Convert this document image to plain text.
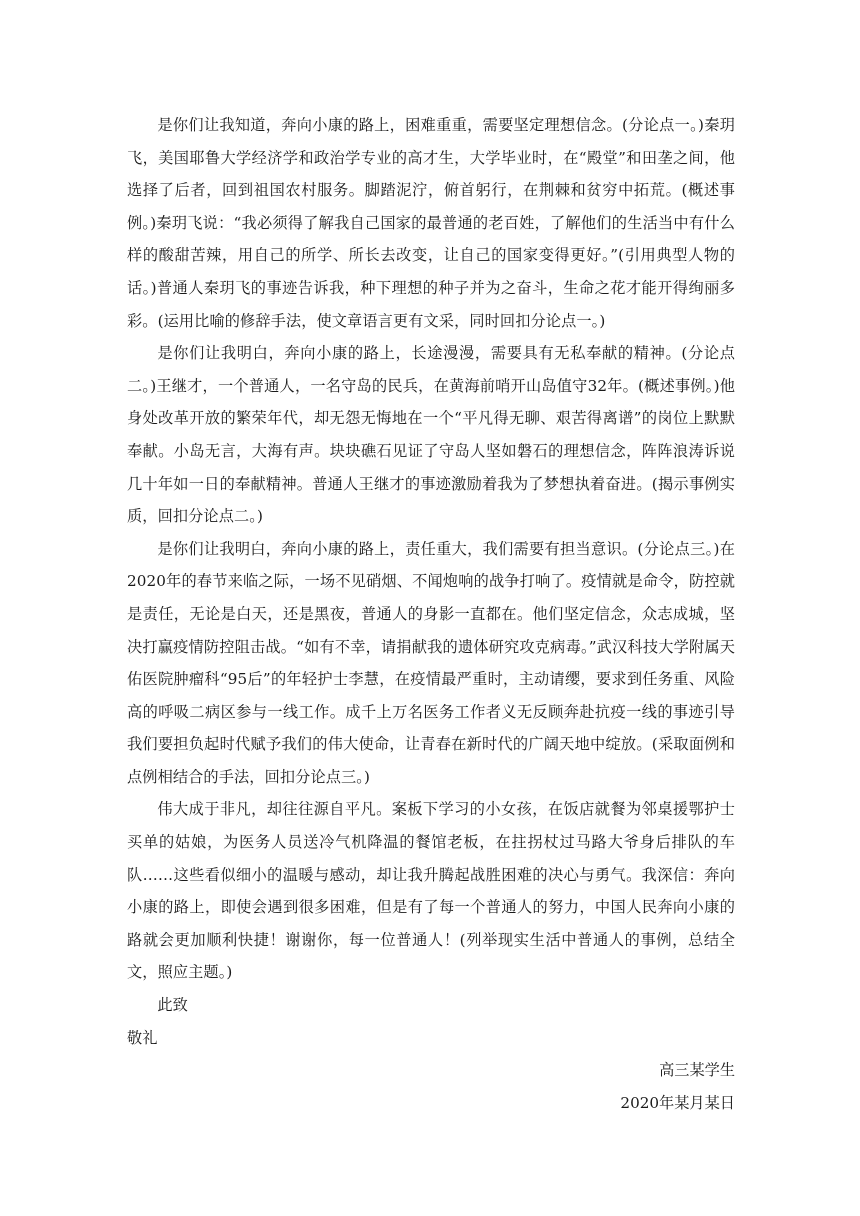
是你们让我知道，奔向小康的路上，困难重重，需要坚定理想信念。(分论点一。)秦玥飞，美国耶鲁大学经济学和政治学专业的高才生，大学毕业时，在“殿堂”和田垄之间，他选择了后者，回到祖国农村服务。脚踏泥泞，俯首躬行，在荆棘和贫穷中拓荒。(概述事例。)秦玥飞说：“我必须得了解我自己国家的最普通的老百姓，了解他们的生活当中有什么样的酸甜苦辣，用自己的所学、所长去改变，让自己的国家变得更好。”(引用典型人物的话。)普通人秦玥飞的事迹告诉我，种下理想的种子并为之奋斗，生命之花才能开得绚丽多彩。(运用比喻的修辞手法，使文章语言更有文采，同时回扣分论点一。)

是你们让我明白，奔向小康的路上，长途漫漫，需要具有无私奉献的精神。(分论点二。)王继才，一个普通人，一名守岛的民兵，在黄海前哨开山岛值守32年。(概述事例。)他身处改革开放的繁荣年代，却无怨无悔地在一个“平凡得无聊、艰苦得离谱”的岗位上默默奉献。小岛无言，大海有声。块块礁石见证了守岛人坚如磐石的理想信念，阵阵浪涛诉说几十年如一日的奉献精神。普通人王继才的事迹激励着我为了梦想执着奋进。(揭示事例实质，回扣分论点二。)

是你们让我明白，奔向小康的路上，责任重大，我们需要有担当意识。(分论点三。)在2020年的春节来临之际，一场不见硝烟、不闻炮响的战争打响了。疫情就是命令，防控就是责任，无论是白天，还是黑夜，普通人的身影一直都在。他们坚定信念，众志成城，坚决打赢疫情防控阻击战。“如有不幸，请捐献我的遗体研究攻克病毒。”武汉科技大学附属天佑医院肿瘤科“95后”的年轻护士李慧，在疫情最严重时，主动请缨，要求到任务重、风险高的呼吸二病区参与一线工作。成千上万名医务工作者义无反顾奔赴抗疫一线的事迹引导我们要担负起时代赋予我们的伟大使命，让青春在新时代的广阔天地中绽放。(采取面例和点例相结合的手法，回扣分论点三。)

伟大成于非凡，却往往源自平凡。案板下学习的小女孩，在饭店就餐为邻桌援鄂护士买单的姑娘，为医务人员送冷气机降温的餐馆老板，在拄拐杖过马路大爷身后排队的车队……这些看似细小的温暖与感动，却让我升腾起战胜困难的决心与勇气。我深信：奔向小康的路上，即使会遇到很多困难，但是有了每一个普通人的努力，中国人民奔向小康的路就会更加顺利快捷！谢谢你，每一位普通人！(列举现实生活中普通人的事例，总结全文，照应主题。)

此致

敬礼

高三某学生

2020年某月某日
